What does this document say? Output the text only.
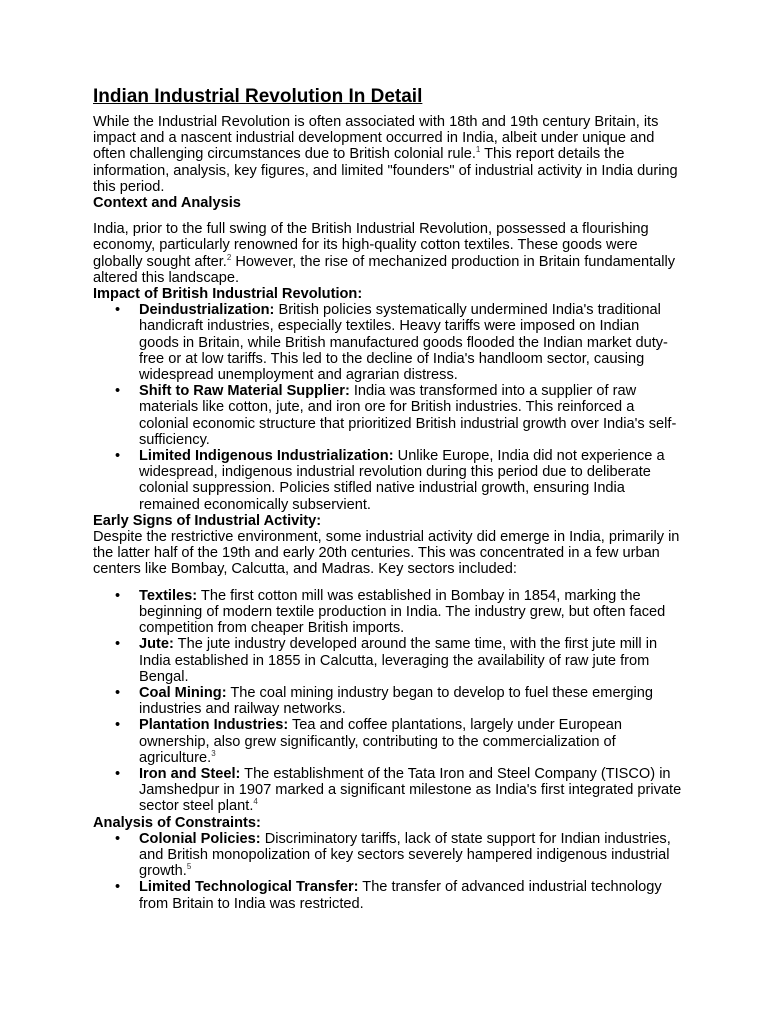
Indian Industrial Revolution In Detail

While the Industrial Revolution is often associated with 18th and 19th century Britain, its impact and a nascent industrial development occurred in India, albeit under unique and often challenging circumstances due to British colonial rule.$^1$ This report details the information, analysis, key figures, and limited "founders" of industrial activity in India during this period.

Context and Analysis

India, prior to the full swing of the British Industrial Revolution, possessed a flourishing economy, particularly renowned for its high-quality cotton textiles. These goods were globally sought after.$^2$ However, the rise of mechanized production in Britain fundamentally altered this landscape.

Impact of British Industrial Revolution:

• Deindustrialization: British policies systematically undermined India's traditional handicraft industries, especially textiles. Heavy tariffs were imposed on Indian goods in Britain, while British manufactured goods flooded the Indian market duty-free or at low tariffs. This led to the decline of India's handloom sector, causing widespread unemployment and agrarian distress.
• Shift to Raw Material Supplier: India was transformed into a supplier of raw materials like cotton, jute, and iron ore for British industries. This reinforced a colonial economic structure that prioritized British industrial growth over India's self-sufficiency.
• Limited Indigenous Industrialization: Unlike Europe, India did not experience a widespread, indigenous industrial revolution during this period due to deliberate colonial suppression. Policies stifled native industrial growth, ensuring India remained economically subservient.

Early Signs of Industrial Activity:

Despite the restrictive environment, some industrial activity did emerge in India, primarily in the latter half of the 19th and early 20th centuries. This was concentrated in a few urban centers like Bombay, Calcutta, and Madras. Key sectors included:

• Textiles: The first cotton mill was established in Bombay in 1854, marking the beginning of modern textile production in India. The industry grew, but often faced competition from cheaper British imports.
• Jute: The jute industry developed around the same time, with the first jute mill in India established in 1855 in Calcutta, leveraging the availability of raw jute from Bengal.
• Coal Mining: The coal mining industry began to develop to fuel these emerging industries and railway networks.
• Plantation Industries: Tea and coffee plantations, largely under European ownership, also grew significantly, contributing to the commercialization of agriculture.$^3$
• Iron and Steel: The establishment of the Tata Iron and Steel Company (TISCO) in Jamshedpur in 1907 marked a significant milestone as India's first integrated private sector steel plant.$^4$

Analysis of Constraints:

• Colonial Policies: Discriminatory tariffs, lack of state support for Indian industries, and British monopolization of key sectors severely hampered indigenous industrial growth.$^5$
• Limited Technological Transfer: The transfer of advanced industrial technology from Britain to India was restricted.
